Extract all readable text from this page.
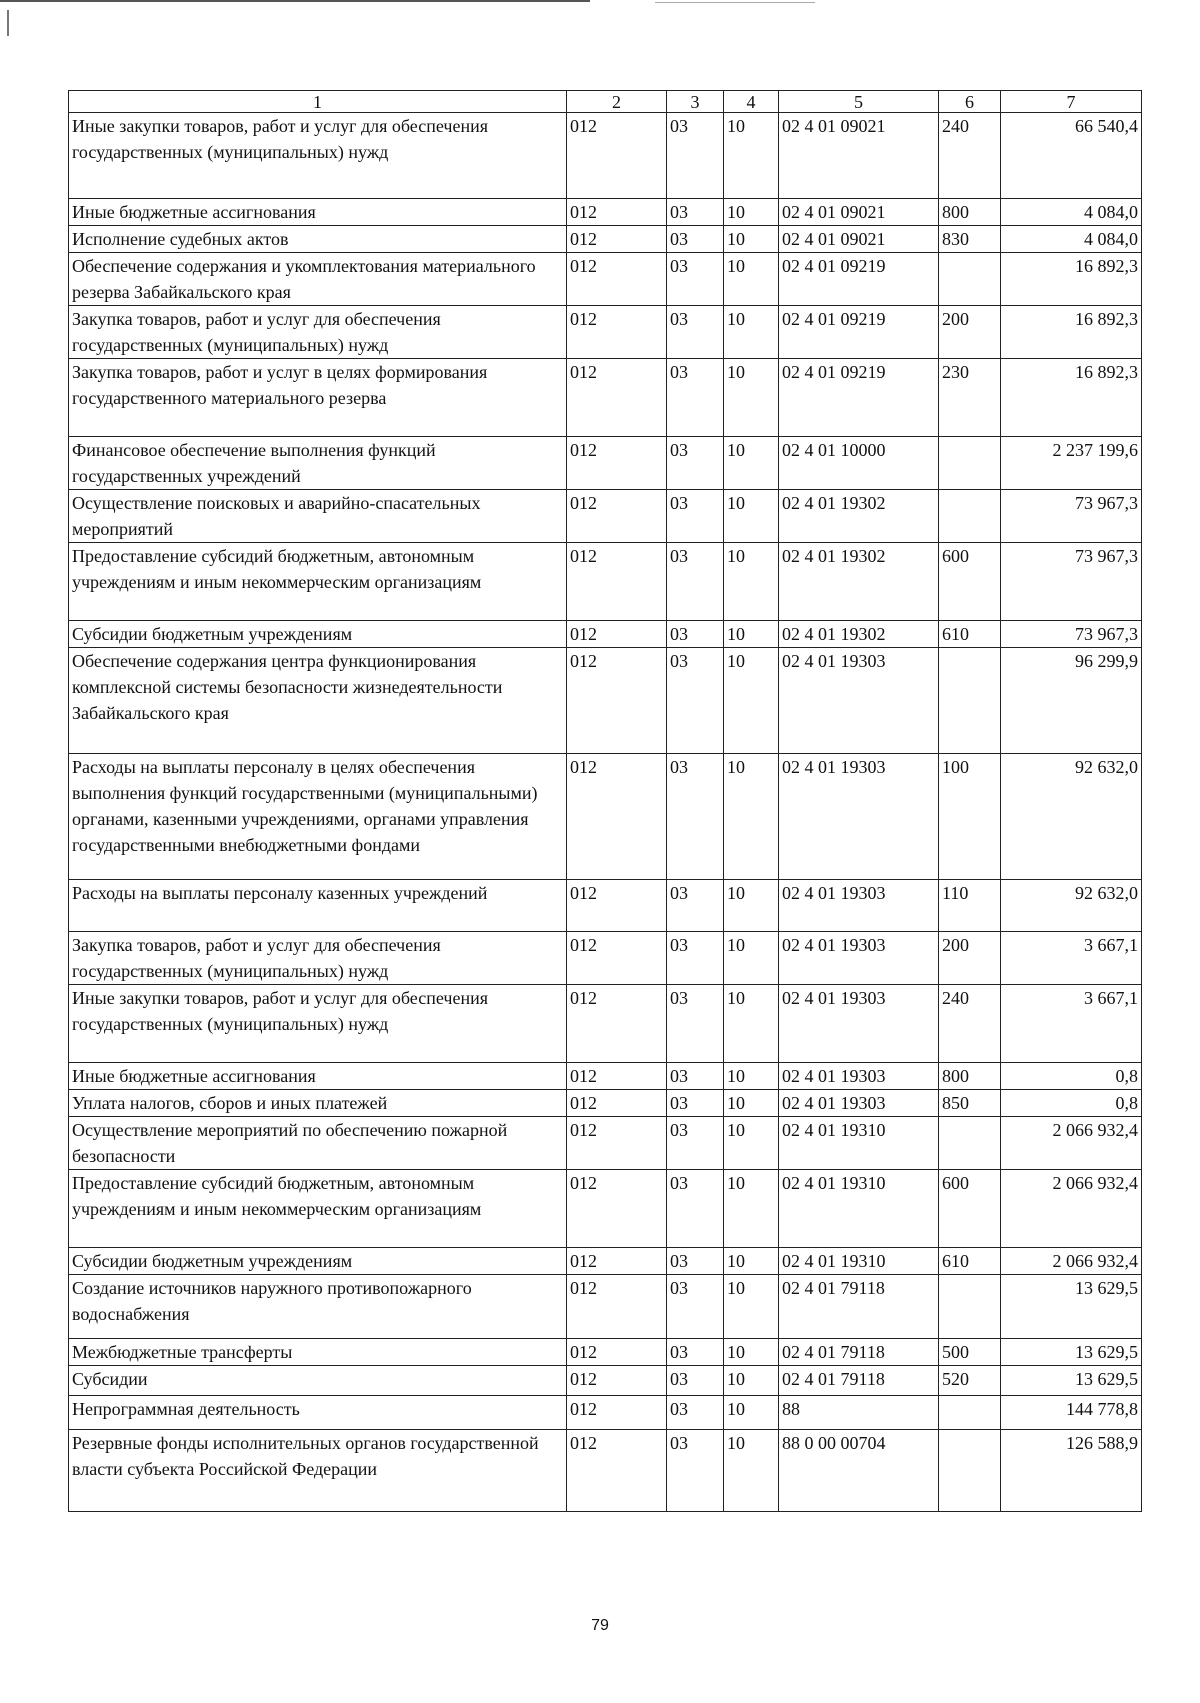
1	2	3	4	5	6	7
Иные закупки товаров, работ и услуг для обеспечения государственных (муниципальных) нужд	012	03	10	02 4 01 09021	240	66 540,4
Иные бюджетные ассигнования	012	03	10	02 4 01 09021	800	4 084,0
Исполнение судебных актов	012	03	10	02 4 01 09021	830	4 084,0
Обеспечение содержания и укомплектования материального резерва Забайкальского края	012	03	10	02 4 01 09219		16 892,3
Закупка товаров, работ и услуг для обеспечения государственных (муниципальных) нужд	012	03	10	02 4 01 09219	200	16 892,3
Закупка товаров, работ и услуг в целях формирования государственного материального резерва	012	03	10	02 4 01 09219	230	16 892,3
Финансовое обеспечение выполнения функций государственных учреждений	012	03	10	02 4 01 10000		2 237 199,6
Осуществление поисковых и аварийно-спасательных мероприятий	012	03	10	02 4 01 19302		73 967,3
Предоставление субсидий бюджетным, автономным учреждениям и иным некоммерческим организациям	012	03	10	02 4 01 19302	600	73 967,3
Субсидии бюджетным учреждениям	012	03	10	02 4 01 19302	610	73 967,3
Обеспечение содержания центра функционирования комплексной системы безопасности жизнедеятельности Забайкальского края	012	03	10	02 4 01 19303		96 299,9
Расходы на выплаты персоналу в целях обеспечения выполнения функций государственными (муниципальными) органами, казенными учреждениями, органами управления государственными внебюджетными фондами	012	03	10	02 4 01 19303	100	92 632,0
Расходы на выплаты персоналу казенных учреждений	012	03	10	02 4 01 19303	110	92 632,0
Закупка товаров, работ и услуг для обеспечения государственных (муниципальных) нужд	012	03	10	02 4 01 19303	200	3 667,1
Иные закупки товаров, работ и услуг для обеспечения государственных (муниципальных) нужд	012	03	10	02 4 01 19303	240	3 667,1
Иные бюджетные ассигнования	012	03	10	02 4 01 19303	800	0,8
Уплата налогов, сборов и иных платежей	012	03	10	02 4 01 19303	850	0,8
Осуществление мероприятий по обеспечению пожарной безопасности	012	03	10	02 4 01 19310		2 066 932,4
Предоставление субсидий бюджетным, автономным учреждениям и иным некоммерческим организациям	012	03	10	02 4 01 19310	600	2 066 932,4
Субсидии бюджетным учреждениям	012	03	10	02 4 01 19310	610	2 066 932,4
Создание источников наружного противопожарного водоснабжения	012	03	10	02 4 01 79118		13 629,5
Межбюджетные трансферты	012	03	10	02 4 01 79118	500	13 629,5
Субсидии	012	03	10	02 4 01 79118	520	13 629,5
Непрограммная деятельность	012	03	10	88		144 778,8
Резервные фонды исполнительных органов государственной власти субъекта Российской Федерации	012	03	10	88 0 00 00704		126 588,9
79
